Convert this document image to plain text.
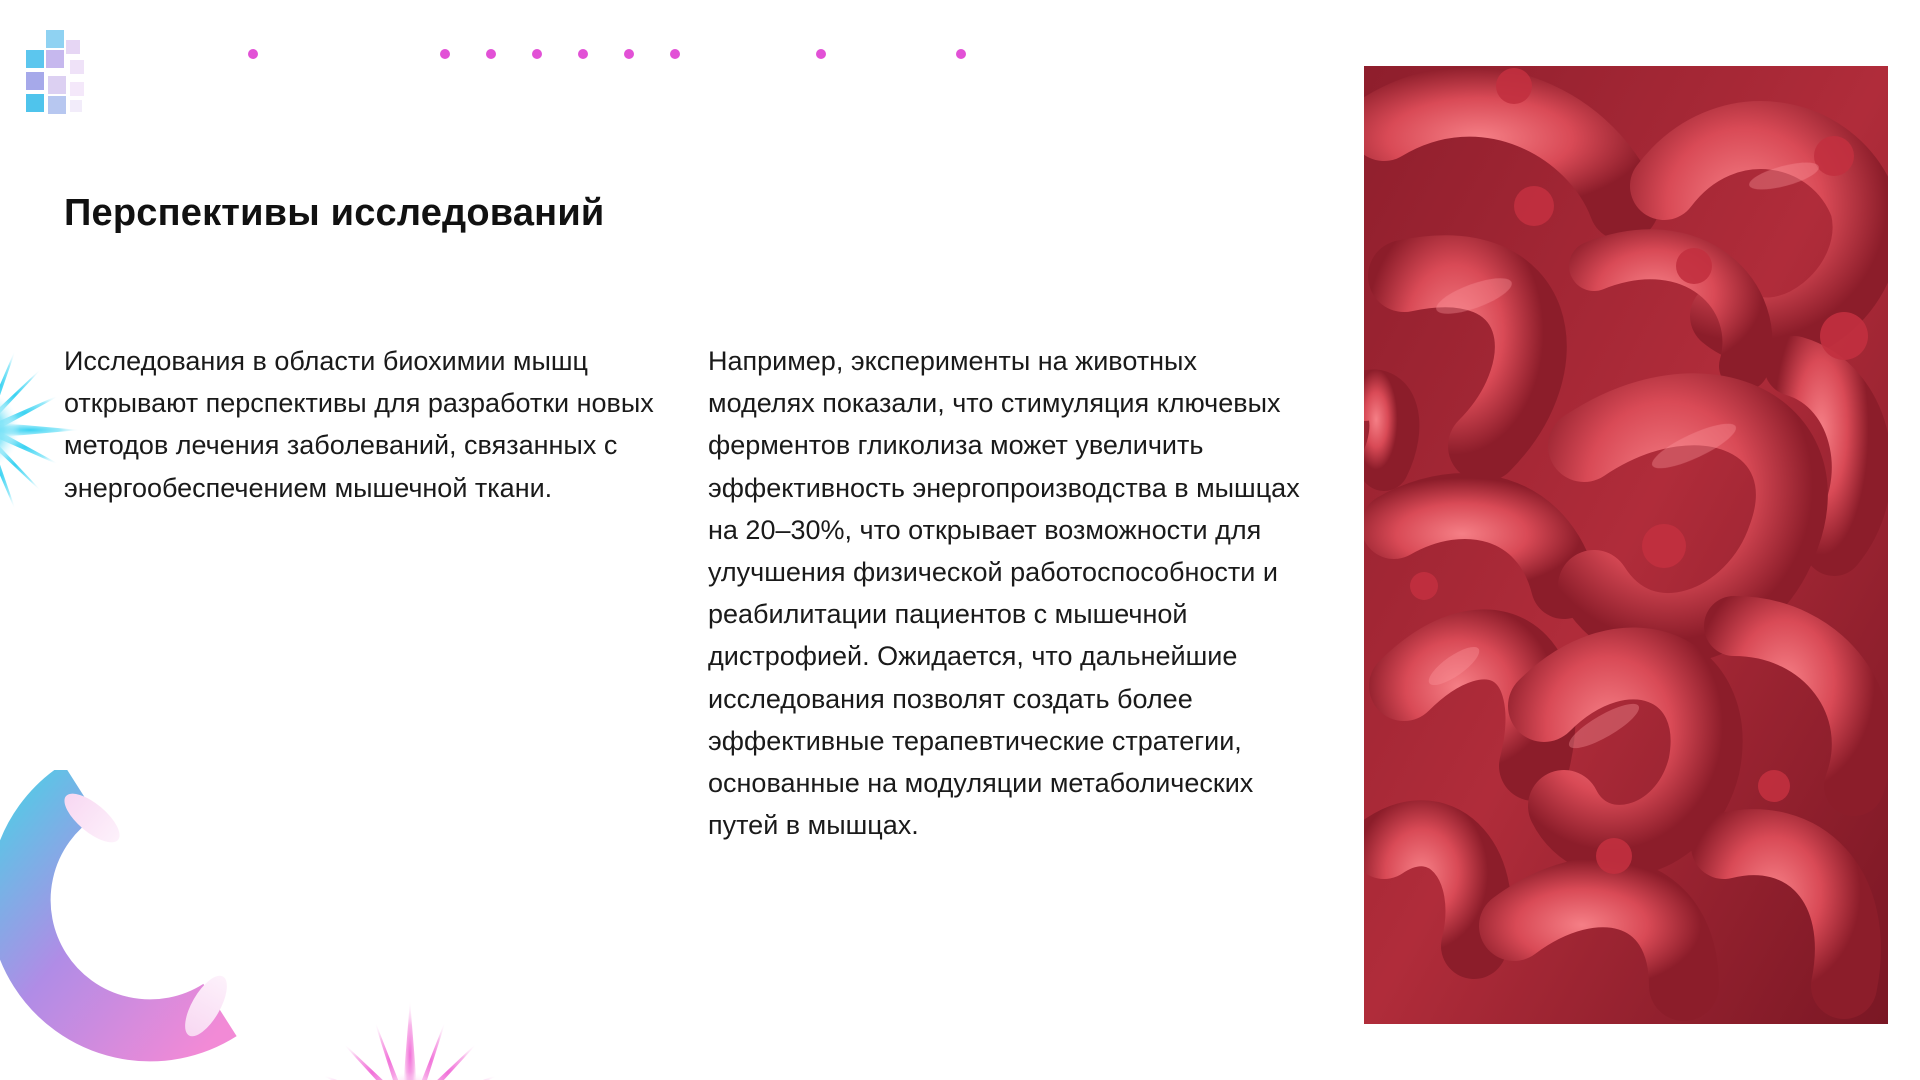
Перспективы исследований

Исследования в области биохимии мышц открывают перспективы для разработки новых методов лечения заболеваний, связанных с энергообеспечением мышечной ткани.

Например, эксперименты на животных моделях показали, что стимуляция ключевых ферментов гликолиза может увеличить эффективность энергопроизводства в мышцах на 20–30%, что открывает возможности для улучшения физической работоспособности и реабилитации пациентов с мышечной дистрофией. Ожидается, что дальнейшие исследования позволят создать более эффективные терапевтические стратегии, основанные на модуляции метаболических путей в мышцах.
